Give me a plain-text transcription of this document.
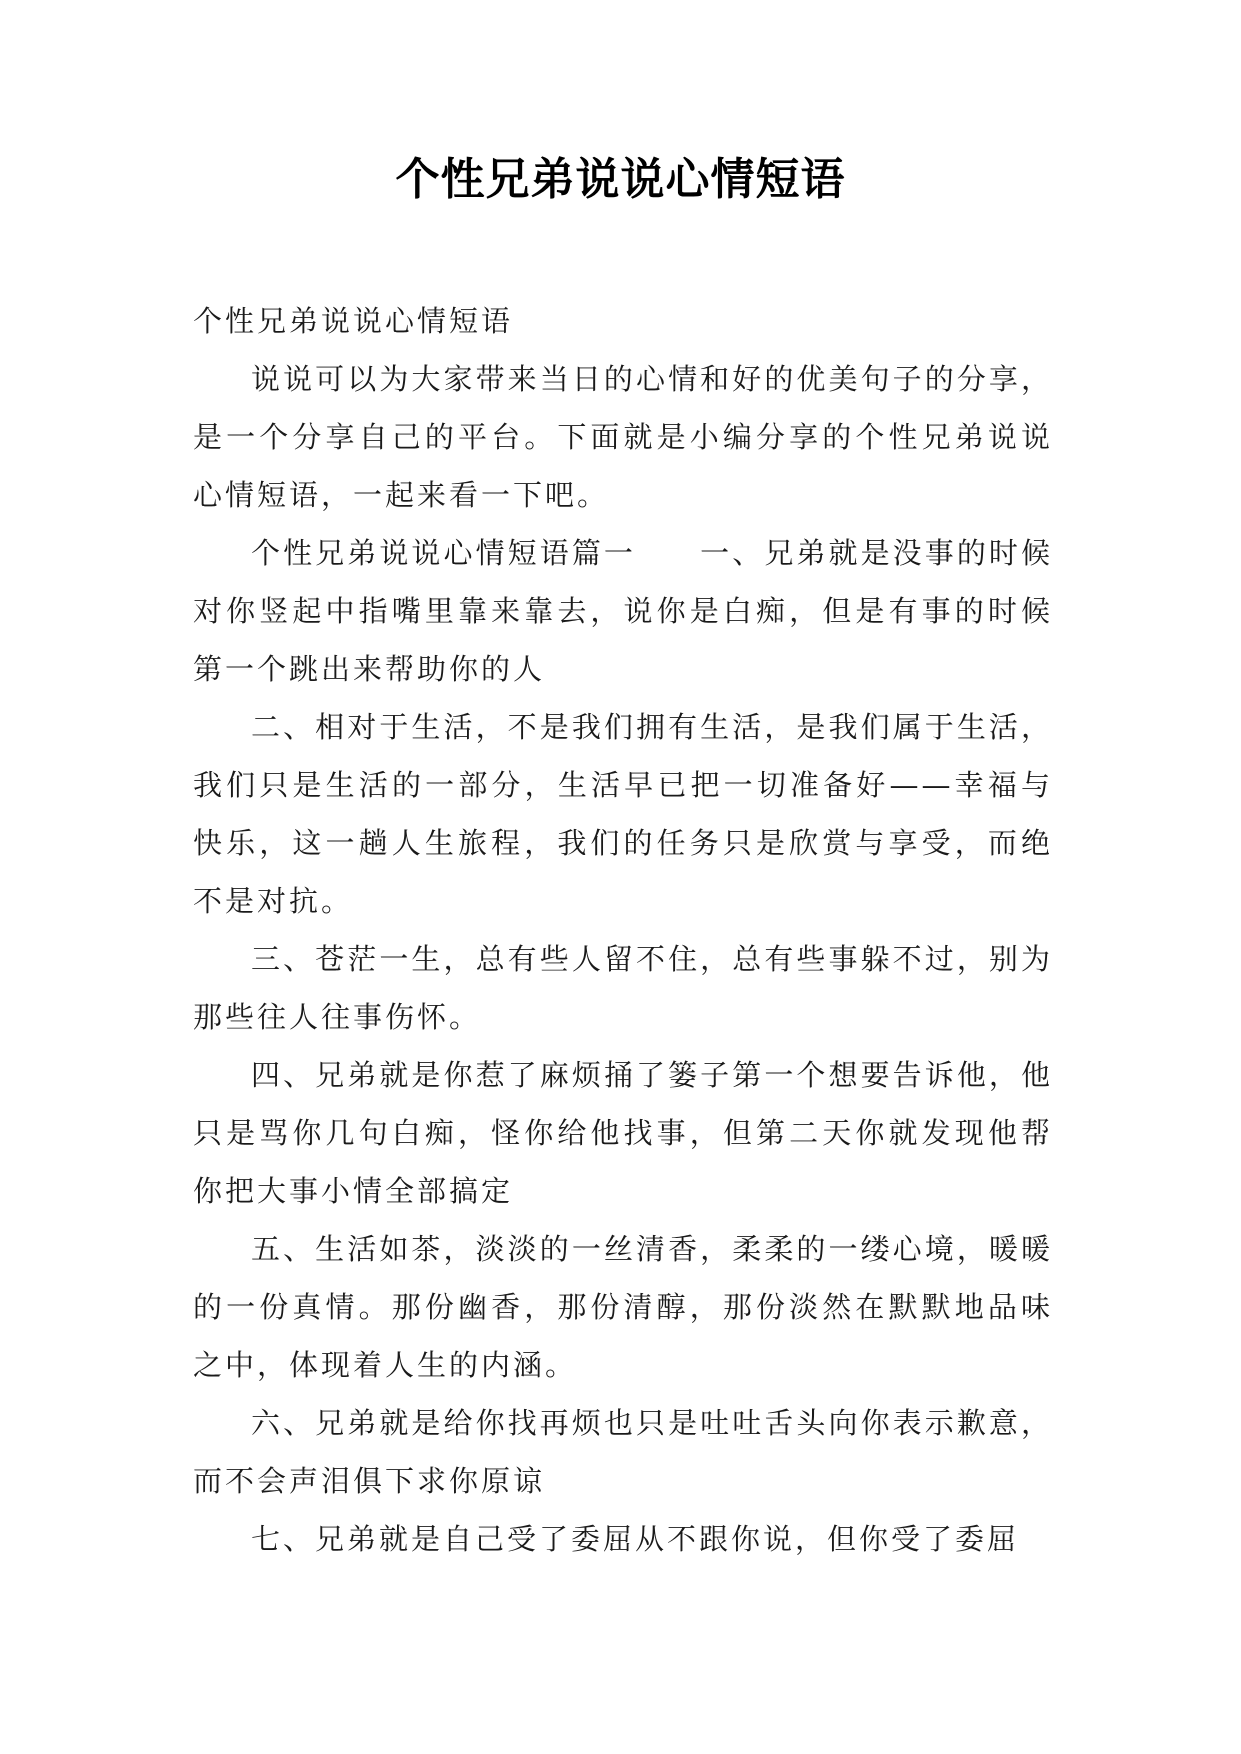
个性兄弟说说心情短语

个性兄弟说说心情短语

说说可以为大家带来当日的心情和好的优美句子的分享，是一个分享自己的平台。下面就是小编分享的个性兄弟说说心情短语，一起来看一下吧。

个性兄弟说说心情短语篇一　　一、兄弟就是没事的时候对你竖起中指嘴里靠来靠去，说你是白痴，但是有事的时候第一个跳出来帮助你的人

二、相对于生活，不是我们拥有生活，是我们属于生活，我们只是生活的一部分，生活早已把一切准备好——幸福与快乐，这一趟人生旅程，我们的任务只是欣赏与享受，而绝不是对抗。

三、苍茫一生，总有些人留不住，总有些事躲不过，别为那些往人往事伤怀。

四、兄弟就是你惹了麻烦捅了篓子第一个想要告诉他，他只是骂你几句白痴，怪你给他找事，但第二天你就发现他帮你把大事小情全部搞定

五、生活如茶，淡淡的一丝清香，柔柔的一缕心境，暖暖的一份真情。那份幽香，那份清醇，那份淡然在默默地品味之中，体现着人生的内涵。

六、兄弟就是给你找再烦也只是吐吐舌头向你表示歉意，而不会声泪俱下求你原谅

七、兄弟就是自己受了委屈从不跟你说，但你受了委屈
